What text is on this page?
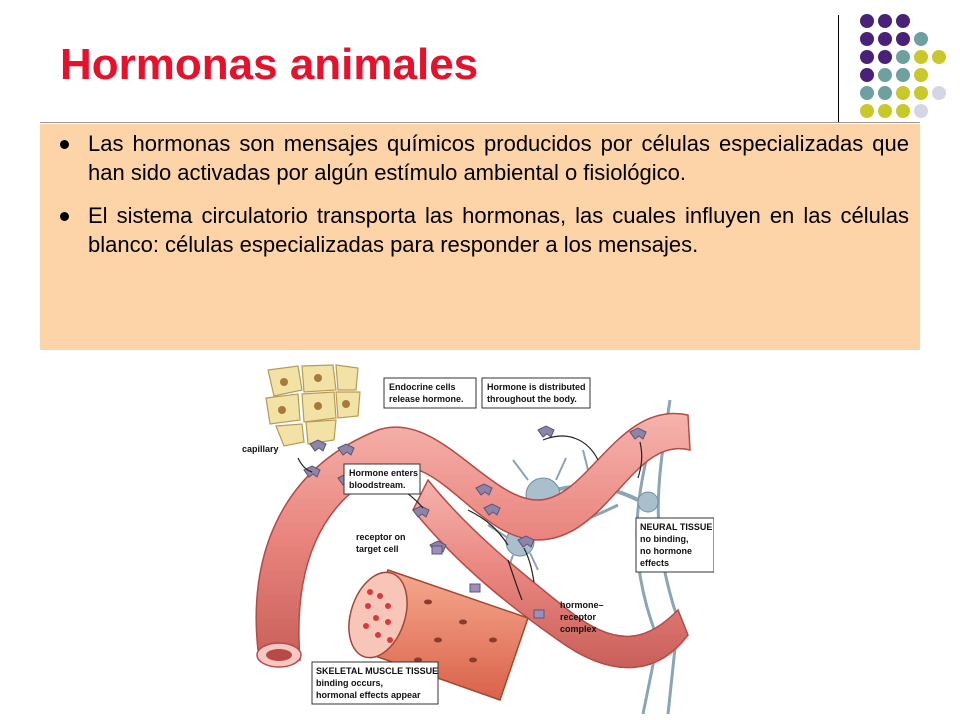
Hormonas animales

Las hormonas son mensajes químicos producidos por células especializadas que han sido activadas por algún estímulo ambiental o fisiológico.

El sistema circulatorio transporta las hormonas, las cuales influyen en las células blanco: células especializadas para responder a los mensajes.

Endocrine cells
release hormone.
Hormone is distributed
throughout the body.
capillary
Hormone enters
bloodstream.
receptor on
target cell
NEURAL TISSUE
no binding,
no hormone
effects
hormone–
receptor
complex
SKELETAL MUSCLE TISSUE
binding occurs,
hormonal effects appear
